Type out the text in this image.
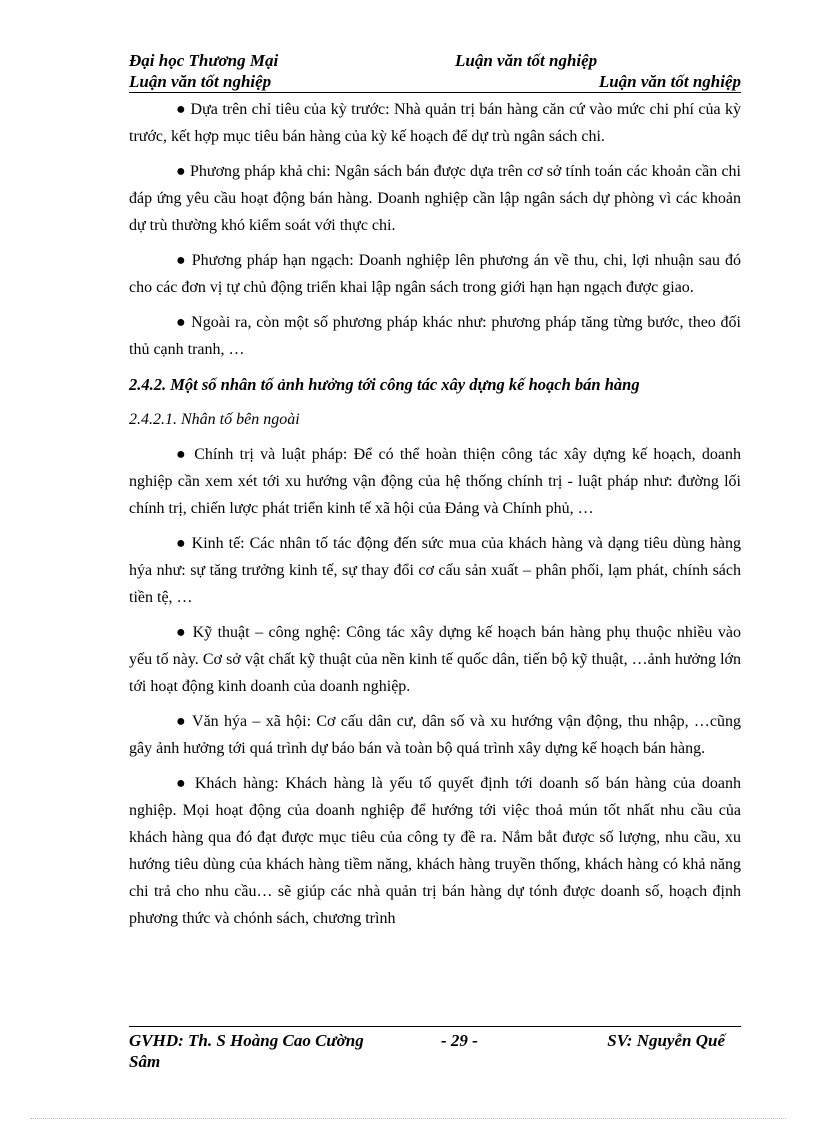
Đại học Thương Mại	Luận văn tốt nghiệp
Luận văn tốt nghiệp	Luận văn tốt nghiệp

● Dựa trên chỉ tiêu của kỳ trước: Nhà quản trị bán hàng căn cứ vào mức chi phí của kỳ trước, kết hợp mục tiêu bán hàng của kỳ kế hoạch để dự trù ngân sách chi.

● Phương pháp khả chi: Ngân sách bán được dựa trên cơ sở tính toán các khoản cần chi đáp ứng yêu cầu hoạt động bán hàng. Doanh nghiệp cần lập ngân sách dự phòng vì các khoản dự trù thường khó kiểm soát với thực chi.

● Phương pháp hạn ngạch: Doanh nghiệp lên phương án về thu, chi, lợi nhuận sau đó cho các đơn vị tự chủ động triển khai lập ngân sách trong giới hạn hạn ngạch được giao.

● Ngoài ra, còn một số phương pháp khác như: phương pháp tăng từng bước, theo đối thủ cạnh tranh, …

2.4.2. Một số nhân tố ảnh hưởng tới công tác xây dựng kế hoạch bán hàng

2.4.2.1. Nhân tố bên ngoài

● Chính trị và luật pháp: Để có thể hoàn thiện công tác xây dựng kế hoạch, doanh nghiệp cần xem xét tới xu hướng vận động của hệ thống chính trị - luật pháp như: đường lối chính trị, chiến lược phát triển kinh tế xã hội của Đảng và Chính phủ, …

● Kinh tế: Các nhân tố tác động đến sức mua của khách hàng và dạng tiêu dùng hàng hýa như: sự tăng trưởng kinh tế, sự thay đổi cơ cấu sản xuất – phân phối, lạm phát, chính sách tiền tệ, …

● Kỹ thuật – công nghệ: Công tác xây dựng kế hoạch bán hàng phụ thuộc nhiều vào yếu tố này. Cơ sở vật chất kỹ thuật của nền kinh tế quốc dân, tiến bộ kỹ thuật, …ảnh hưởng lớn tới hoạt động kinh doanh của doanh nghiệp.

● Văn hýa – xã hội: Cơ cấu dân cư, dân số và xu hướng vận động, thu nhập, …cũng gây ảnh hưởng tới quá trình dự báo bán và toàn bộ quá trình xây dựng kế hoạch bán hàng.

● Khách hàng: Khách hàng là yếu tố quyết định tới doanh số bán hàng của doanh nghiệp. Mọi hoạt động của doanh nghiệp để hướng tới việc thoả mún tốt nhất nhu cầu của khách hàng qua đó đạt được mục tiêu của công ty đề ra. Nắm bắt được số lượng, nhu cầu, xu hướng tiêu dùng của khách hàng tiềm năng, khách hàng truyền thống, khách hàng có khả năng chi trả cho nhu cầu… sẽ giúp các nhà quản trị bán hàng dự tónh được doanh số, hoạch định phương thức và chónh sách, chương trình

GVHD: Th. S Hoàng Cao Cường	- 29 -	SV: Nguyễn Quế
Sâm
